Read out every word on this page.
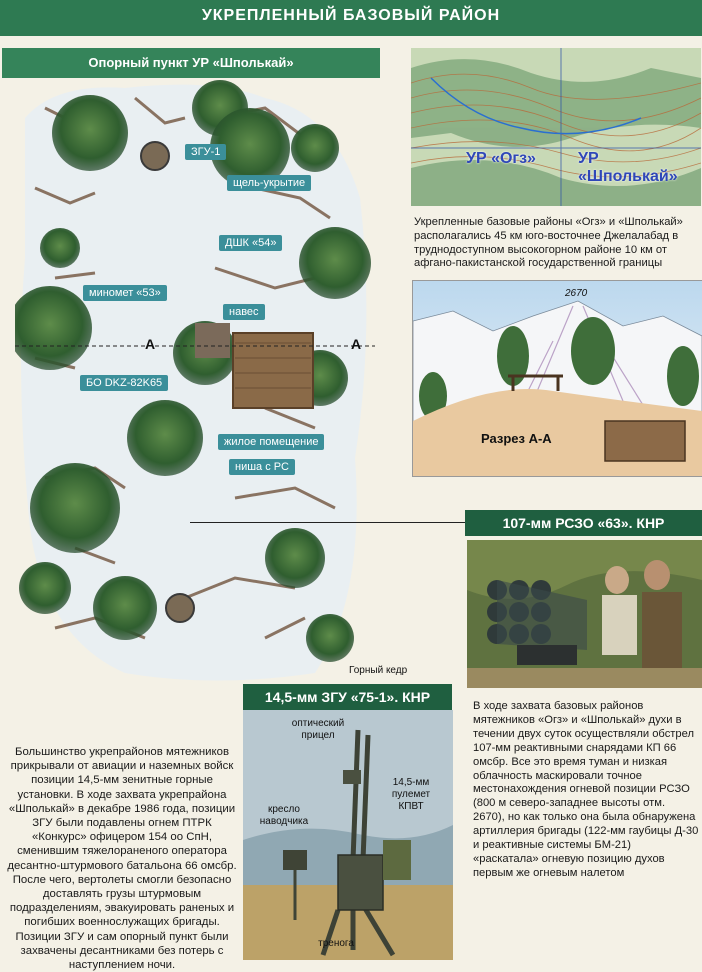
УКРЕПЛЕННЫЙ БАЗОВЫЙ РАЙОН
Опорный пункт УР «Шполькай»
А	А
ЗГУ-1
щель-укрытие
ДШК «54»
миномет «53»
навес
БО DKZ-82K65
жилое помещение
ниша с РС
Горный кедр
УР «Огз»	УР «Шполькай»
Укрепленные базовые районы «Огз» и «Шполькай» располагались 45 км юго-восточнее Джелалабад в труднодоступном высокогорном районе 10 км от афгано-пакистанской государственной границы
2670
Разрез А-А
107-мм РСЗО «63». КНР
В ходе захвата базовых районов мятежников «Огз» и «Шполькай» духи в течении двух суток осуществляли обстрел 107-мм реактивными снарядами КП 66 омсбр. Все это время туман и низкая облачность маскировали точное местонахождения огневой позиции РСЗО (800 м северо-западнее высоты отм. 2670), но как только она была обнаружена артиллерия бригады (122-мм гаубицы Д-30 и реактивные системы БМ-21) «раскатала» огневую позицию духов первым же огневым налетом
14,5-мм ЗГУ «75-1». КНР
оптический прицел
14,5-мм пулемет КПВТ
кресло наводчика
тренога
Большинство укрепрайонов мятежников прикрывали от авиации и наземных войск позиции 14,5-мм зенитные горные установки. В ходе захвата укрепрайона «Шполькай» в декабре 1986 года, позиции ЗГУ были подавлены огнем ПТРК «Конкурс» офицером 154 оо СпН, сменившим тяжелораненого оператора десантно-штурмового батальона 66 омсбр. После чего, вертолеты смогли безопасно доставлять грузы штурмовым подразделениям, эвакуировать раненых и погибших военнослужащих бригады. Позиции ЗГУ и сам опорный пункт были захвачены десантниками без потерь с наступлением ночи.
